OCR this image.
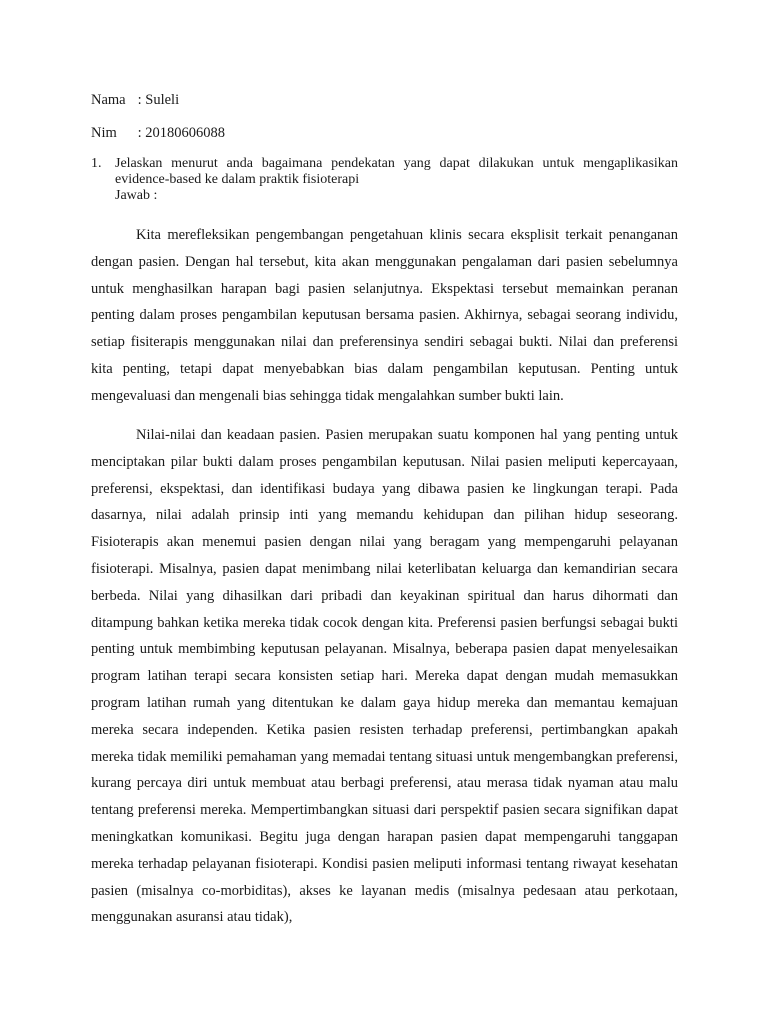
Nama : Suleli
Nim : 20180606088
1. Jelaskan menurut anda bagaimana pendekatan yang dapat dilakukan untuk mengaplikasikan evidence-based ke dalam praktik fisioterapi
Jawab :

Kita merefleksikan pengembangan pengetahuan klinis secara eksplisit terkait penanganan dengan pasien. Dengan hal tersebut, kita akan menggunakan pengalaman dari pasien sebelumnya untuk menghasilkan harapan bagi pasien selanjutnya. Ekspektasi tersebut memainkan peranan penting dalam proses pengambilan keputusan bersama pasien. Akhirnya, sebagai seorang individu, setiap fisiterapis menggunakan nilai dan preferensinya sendiri sebagai bukti. Nilai dan preferensi kita penting, tetapi dapat menyebabkan bias dalam pengambilan keputusan. Penting untuk mengevaluasi dan mengenali bias sehingga tidak mengalahkan sumber bukti lain.

Nilai-nilai dan keadaan pasien. Pasien merupakan suatu komponen hal yang penting untuk menciptakan pilar bukti dalam proses pengambilan keputusan. Nilai pasien meliputi kepercayaan, preferensi, ekspektasi, dan identifikasi budaya yang dibawa pasien ke lingkungan terapi. Pada dasarnya, nilai adalah prinsip inti yang memandu kehidupan dan pilihan hidup seseorang. Fisioterapis akan menemui pasien dengan nilai yang beragam yang mempengaruhi pelayanan fisioterapi. Misalnya, pasien dapat menimbang nilai keterlibatan keluarga dan kemandirian secara berbeda. Nilai yang dihasilkan dari pribadi dan keyakinan spiritual dan harus dihormati dan ditampung bahkan ketika mereka tidak cocok dengan kita. Preferensi pasien berfungsi sebagai bukti penting untuk membimbing keputusan pelayanan. Misalnya, beberapa pasien dapat menyelesaikan program latihan terapi secara konsisten setiap hari. Mereka dapat dengan mudah memasukkan program latihan rumah yang ditentukan ke dalam gaya hidup mereka dan memantau kemajuan mereka secara independen. Ketika pasien resisten terhadap preferensi, pertimbangkan apakah mereka tidak memiliki pemahaman yang memadai tentang situasi untuk mengembangkan preferensi, kurang percaya diri untuk membuat atau berbagi preferensi, atau merasa tidak nyaman atau malu tentang preferensi mereka. Mempertimbangkan situasi dari perspektif pasien secara signifikan dapat meningkatkan komunikasi. Begitu juga dengan harapan pasien dapat mempengaruhi tanggapan mereka terhadap pelayanan fisioterapi. Kondisi pasien meliputi informasi tentang riwayat kesehatan pasien (misalnya co-morbiditas), akses ke layanan medis (misalnya pedesaan atau perkotaan, menggunakan asuransi atau tidak),
